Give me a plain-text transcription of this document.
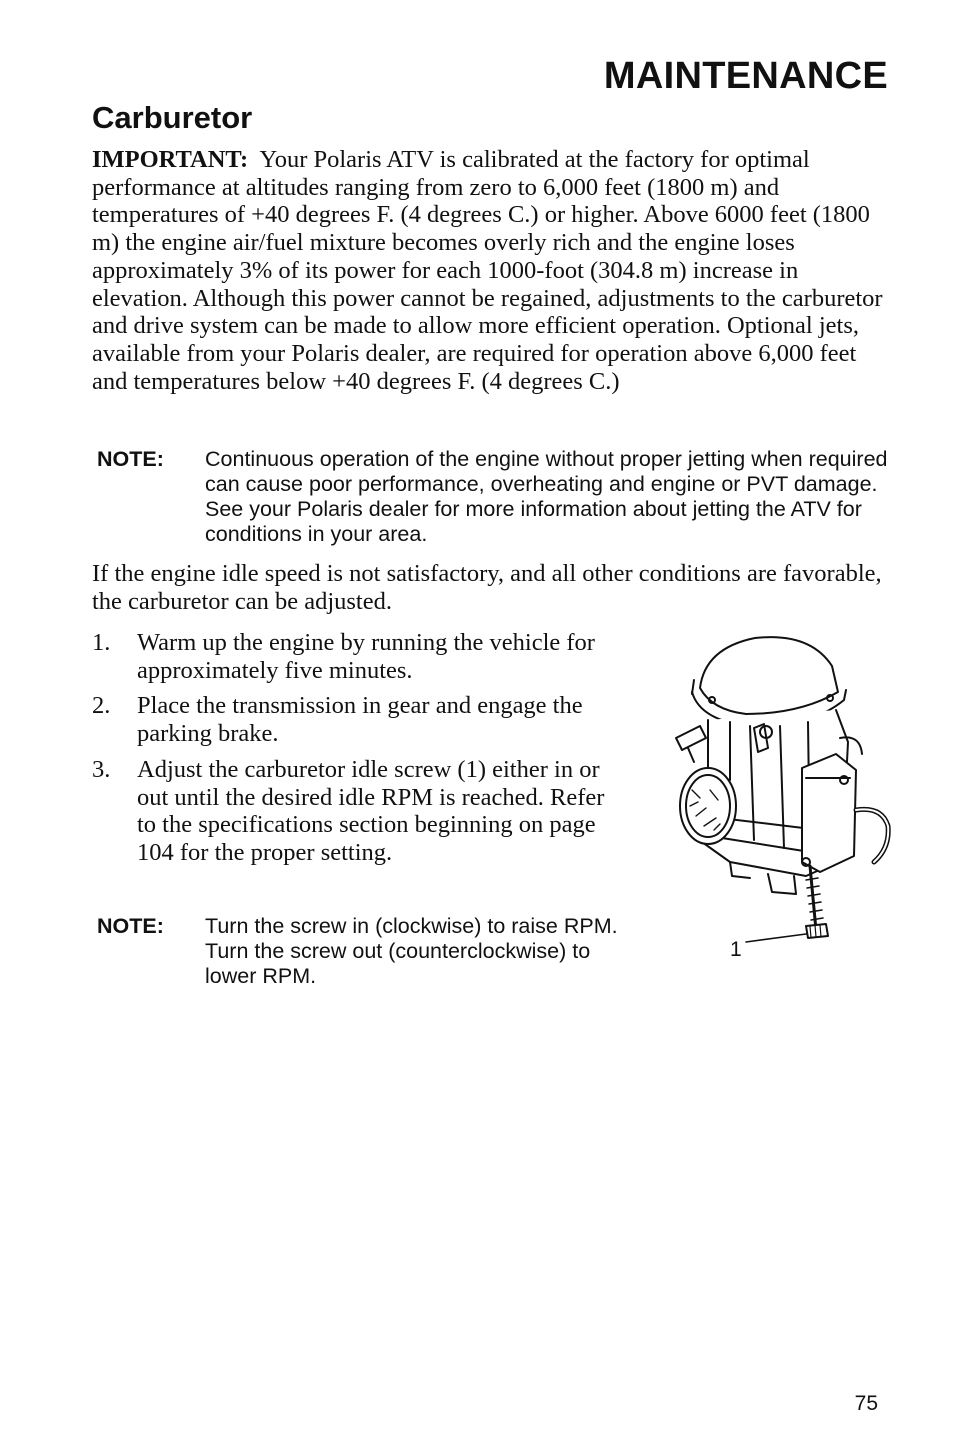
MAINTENANCE
Carburetor

IMPORTANT: Your Polaris ATV is calibrated at the factory for optimal performance at altitudes ranging from zero to 6,000 feet (1800 m) and temperatures of +40 degrees F. (4 degrees C.) or higher. Above 6000 feet (1800 m) the engine air/fuel mixture becomes overly rich and the engine loses approximately 3% of its power for each 1000-foot (304.8 m) increase in elevation. Although this power cannot be regained, adjustments to the carburetor and drive system can be made to allow more efficient operation. Optional jets, available from your Polaris dealer, are required for operation above 6,000 feet and temperatures below +40 degrees F. (4 degrees C.)

NOTE:	Continuous operation of the engine without proper jetting when required can cause poor performance, overheating and engine or PVT damage. See your Polaris dealer for more information about jetting the ATV for conditions in your area.

If the engine idle speed is not satisfactory, and all other conditions are favorable, the carburetor can be adjusted.

1.	Warm up the engine by running the vehicle for approximately five minutes.
2.	Place the transmission in gear and engage the parking brake.
3.	Adjust the carburetor idle screw (1) either in or out until the desired idle RPM is reached. Refer to the specifications section beginning on page 104 for the proper setting.
NOTE:	Turn the screw in (clockwise) to raise RPM. Turn the screw out (counterclockwise) to lower RPM.

1
75
